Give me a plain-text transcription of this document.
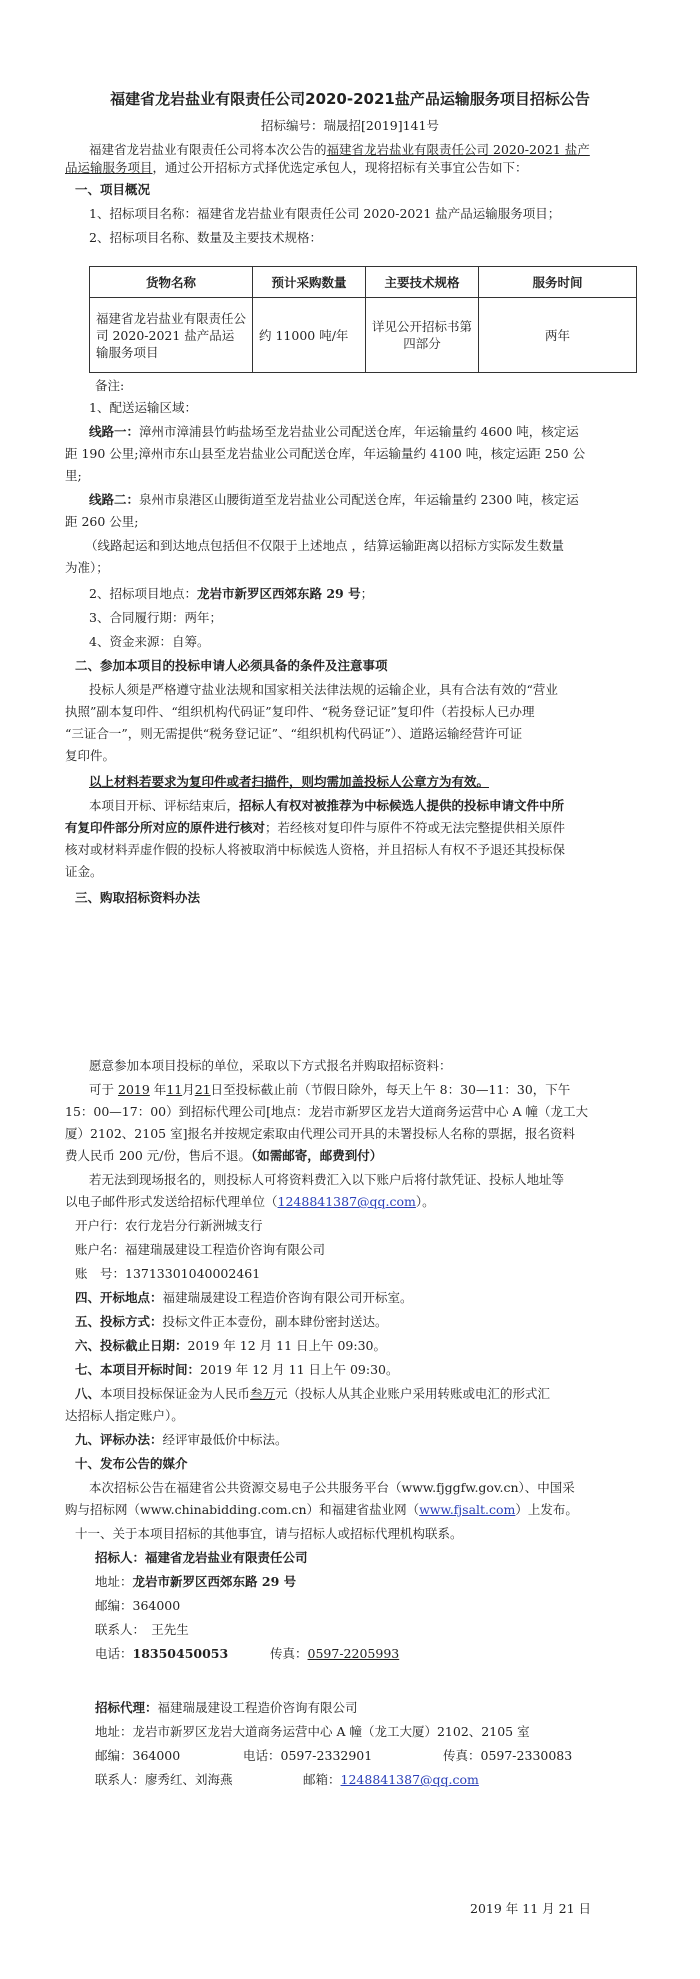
福建省龙岩盐业有限责任公司2020-2021盐产品运输服务项目招标公告
招标编号：瑞晟招[2019]141号
福建省龙岩盐业有限责任公司将本次公告的福建省龙岩盐业有限责任公司 2020-2021 盐产
品运输服务项目，通过公开招标方式择优选定承包人，现将招标有关事宜公告如下：
一、项目概况
1、招标项目名称：福建省龙岩盐业有限责任公司 2020-2021 盐产品运输服务项目；
2、招标项目名称、数量及主要技术规格：
货物名称	预计采购数量	主要技术规格	服务时间
福建省龙岩盐业有限责任公司 2020-2021 盐产品运输服务项目	约 11000 吨/年	详见公开招标书第四部分	两年
备注:
1、配送运输区域：
线路一：漳州市漳浦县竹屿盐场至龙岩盐业公司配送仓库，年运输量约 4600 吨，核定运
距 190 公里;漳州市东山县至龙岩盐业公司配送仓库，年运输量约 4100 吨，核定运距 250 公
里;
线路二：泉州市泉港区山腰街道至龙岩盐业公司配送仓库，年运输量约 2300 吨，核定运
距 260 公里;
（线路起运和到达地点包括但不仅限于上述地点 ，结算运输距离以招标方实际发生数量
为准）；
2、招标项目地点：龙岩市新罗区西郊东路 29 号；
3、合同履行期：两年；
4、资金来源：自筹。
二、参加本项目的投标申请人必须具备的条件及注意事项
投标人须是严格遵守盐业法规和国家相关法律法规的运输企业，具有合法有效的“营业
执照”副本复印件、“组织机构代码证”复印件、“税务登记证”复印件（若投标人已办理
“三证合一”，则无需提供“税务登记证”、“组织机构代码证”）、道路运输经营许可证
复印件。
以上材料若要求为复印件或者扫描件，则均需加盖投标人公章方为有效。
本项目开标、评标结束后，招标人有权对被推荐为中标候选人提供的投标申请文件中所
有复印件部分所对应的原件进行核对；若经核对复印件与原件不符或无法完整提供相关原件
核对或材料弄虚作假的投标人将被取消中标候选人资格，并且招标人有权不予退还其投标保
证金。
三、购取招标资料办法
愿意参加本项目投标的单位，采取以下方式报名并购取招标资料：
可于 2019 年11月21日至投标截止前（节假日除外，每天上午 8：30—11：30，下午
15：00—17：00）到招标代理公司[地点：龙岩市新罗区龙岩大道商务运营中心 A 幢（龙工大
厦）2102、2105 室]报名并按规定索取由代理公司开具的未署投标人名称的票据，报名资料
费人民币 200 元/份，售后不退。（如需邮寄，邮费到付）
若无法到现场报名的，则投标人可将资料费汇入以下账户后将付款凭证、投标人地址等
以电子邮件形式发送给招标代理单位（1248841387@qq.com）。
开户行：农行龙岩分行新洲城支行
账户名：福建瑞晟建设工程造价咨询有限公司
账　号：13713301040002461
四、开标地点：福建瑞晟建设工程造价咨询有限公司开标室。
五、投标方式：投标文件正本壹份，副本肆份密封送达。
六、投标截止日期：2019 年 12 月 11 日上午 09:30。
七、本项目开标时间：2019 年 12 月 11 日上午 09:30。
八、本项目投标保证金为人民币叁万元（投标人从其企业账户采用转账或电汇的形式汇
达招标人指定账户）。
九、评标办法：经评审最低价中标法。
十、发布公告的媒介
本次招标公告在福建省公共资源交易电子公共服务平台（www.fjggfw.gov.cn）、中国采
购与招标网（www.chinabidding.com.cn）和福建省盐业网（www.fjsalt.com）上发布。
十一、关于本项目招标的其他事宜，请与招标人或招标代理机构联系。
招标人：福建省龙岩盐业有限责任公司
地址：龙岩市新罗区西郊东路 29 号
邮编：364000
联系人：　王先生
电话：18350450053	传真：0597-2205993
招标代理：福建瑞晟建设工程造价咨询有限公司
地址：龙岩市新罗区龙岩大道商务运营中心 A 幢（龙工大厦）2102、2105 室
邮编：364000	电话：0597-2332901	传真：0597-2330083
联系人：廖秀红、刘海燕	邮箱：1248841387@qq.com
2019 年 11 月 21 日
